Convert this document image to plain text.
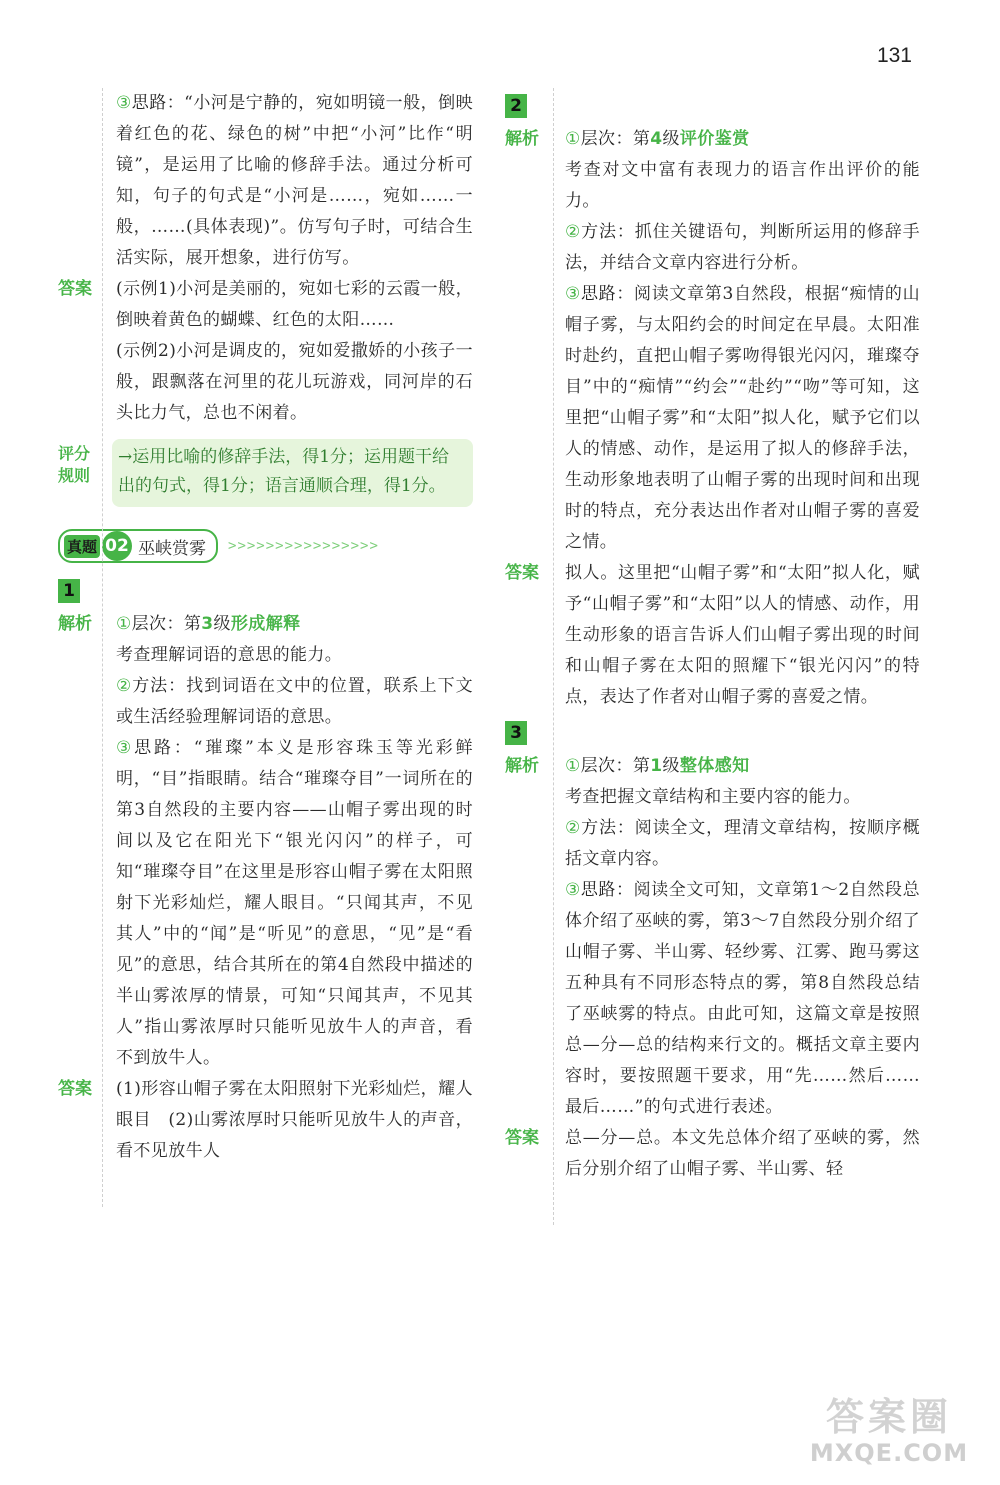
131

③思路：“小河是宁静的，宛如明镜一般，倒映着红色的花、绿色的树”中把“小河”比作“明镜”，是运用了比喻的修辞手法。通过分析可知，句子的句式是“小河是……，宛如……一般，……(具体表现)”。仿写句子时，可结合生活实际，展开想象，进行仿写。

答案	(示例1)小河是美丽的，宛如七彩的云霞一般，倒映着黄色的蝴蝶、红色的太阳……

(示例2)小河是调皮的，宛如爱撒娇的小孩子一般，跟飘落在河里的花儿玩游戏，同河岸的石头比力气，总也不闲着。

评分
规则
→运用比喻的修辞手法，得1分；运用题干给出的句式，得1分；语言通顺合理，得1分。
真题 02 巫峡赏雾 >>>>>>>>>>>>>>>>
1
解析	①层次：第3级形成解释

考查理解词语的意思的能力。

②方法：找到词语在文中的位置，联系上下文或生活经验理解词语的意思。

③思路：“璀璨”本义是形容珠玉等光彩鲜明，“目”指眼睛。结合“璀璨夺目”一词所在的第3自然段的主要内容——山帽子雾出现的时间以及它在阳光下“银光闪闪”的样子，可知“璀璨夺目”在这里是形容山帽子雾在太阳照射下光彩灿烂，耀人眼目。“只闻其声，不见其人”中的“闻”是“听见”的意思，“见”是“看见”的意思，结合其所在的第4自然段中描述的半山雾浓厚的情景，可知“只闻其声，不见其人”指山雾浓厚时只能听见放牛人的声音，看不到放牛人。

答案	(1)形容山帽子雾在太阳照射下光彩灿烂，耀人眼目　(2)山雾浓厚时只能听见放牛人的声音，看不见放牛人

2
解析	①层次：第4级评价鉴赏

考查对文中富有表现力的语言作出评价的能力。

②方法：抓住关键语句，判断所运用的修辞手法，并结合文章内容进行分析。

③思路：阅读文章第3自然段，根据“痴情的山帽子雾，与太阳约会的时间定在早晨。太阳准时赴约，直把山帽子雾吻得银光闪闪，璀璨夺目”中的“痴情”“约会”“赴约”“吻”等可知，这里把“山帽子雾”和“太阳”拟人化，赋予它们以人的情感、动作，是运用了拟人的修辞手法，生动形象地表明了山帽子雾的出现时间和出现时的特点，充分表达出作者对山帽子雾的喜爱之情。

答案	拟人。这里把“山帽子雾”和“太阳”拟人化，赋予“山帽子雾”和“太阳”以人的情感、动作，用生动形象的语言告诉人们山帽子雾出现的时间和山帽子雾在太阳的照耀下“银光闪闪”的特点，表达了作者对山帽子雾的喜爱之情。

3
解析	①层次：第1级整体感知

考查把握文章结构和主要内容的能力。

②方法：阅读全文，理清文章结构，按顺序概括文章内容。

③思路：阅读全文可知，文章第1～2自然段总体介绍了巫峡的雾，第3～7自然段分别介绍了山帽子雾、半山雾、轻纱雾、江雾、跑马雾这五种具有不同形态特点的雾，第8自然段总结了巫峡雾的特点。由此可知，这篇文章是按照总—分—总的结构来行文的。概括文章主要内容时，要按照题干要求，用“先……然后……最后……”的句式进行表述。

答案	总—分—总。本文先总体介绍了巫峡的雾，然后分别介绍了山帽子雾、半山雾、轻

答案圈
MXQE.COM
